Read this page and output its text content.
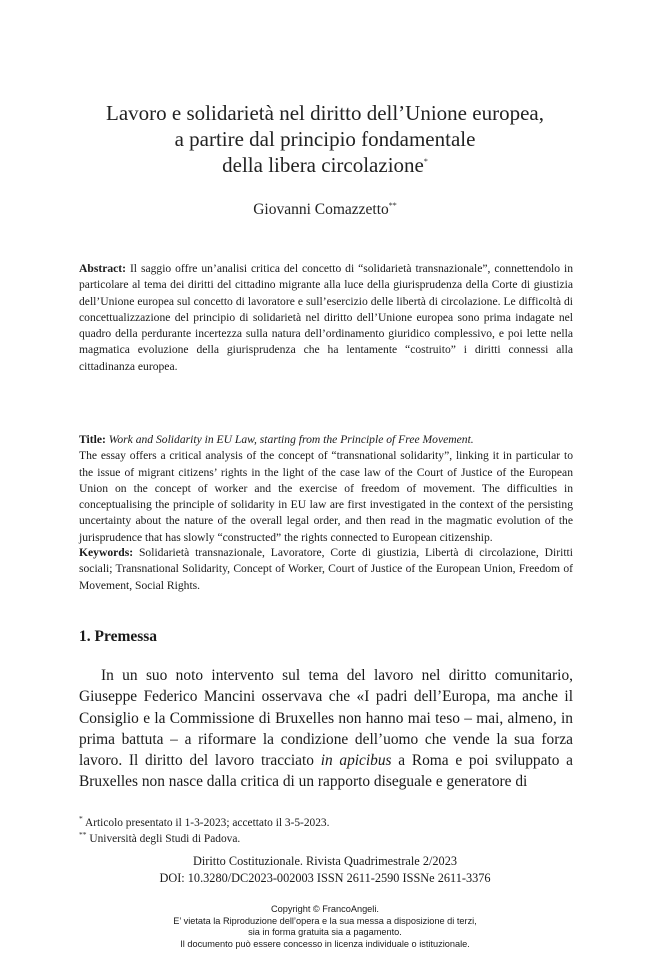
Lavoro e solidarietà nel diritto dell’Unione europea,
a partire dal principio fondamentale
della libera circolazione*
Giovanni Comazzetto**
Abstract: Il saggio offre un’analisi critica del concetto di “solidarietà transnazionale”, connettendolo in particolare al tema dei diritti del cittadino migrante alla luce della giurisprudenza della Corte di giustizia dell’Unione europea sul concetto di lavoratore e sull’esercizio delle libertà di circolazione. Le difficoltà di concettualizzazione del principio di solidarietà nel diritto dell’Unione europea sono prima indagate nel quadro della perdurante incertezza sulla natura dell’ordinamento giuridico complessivo, e poi lette nella magmatica evoluzione della giurisprudenza che ha lentamente “costruito” i diritti connessi alla cittadinanza europea.
Title: Work and Solidarity in EU Law, starting from the Principle of Free Movement.
The essay offers a critical analysis of the concept of “transnational solidarity”, linking it in particular to the issue of migrant citizens’ rights in the light of the case law of the Court of Justice of the European Union on the concept of worker and the exercise of freedom of movement. The difficulties in conceptualising the principle of solidarity in EU law are first investigated in the context of the persisting uncertainty about the nature of the overall legal order, and then read in the magmatic evolution of the jurisprudence that has slowly “constructed” the rights connected to European citizenship.
Keywords: Solidarietà transnazionale, Lavoratore, Corte di giustizia, Libertà di circolazione, Diritti sociali; Transnational Solidarity, Concept of Worker, Court of Justice of the European Union, Freedom of Movement, Social Rights.
1. Premessa

In un suo noto intervento sul tema del lavoro nel diritto comunitario, Giuseppe Federico Mancini osservava che «I padri dell’Europa, ma anche il Consiglio e la Commissione di Bruxelles non hanno mai teso – mai, almeno, in prima battuta – a riformare la condizione dell’uomo che vende la sua forza lavoro. Il diritto del lavoro tracciato in apicibus a Roma e poi sviluppato a Bruxelles non nasce dalla critica di un rapporto diseguale e generatore di

* Articolo presentato il 1-3-2023; accettato il 3-5-2023.
** Università degli Studi di Padova.
Diritto Costituzionale. Rivista Quadrimestrale 2/2023
DOI: 10.3280/DC2023-002003 ISSN 2611-2590 ISSNe 2611-3376
Copyright © FrancoAngeli.
E’ vietata la Riproduzione dell’opera e la sua messa a disposizione di terzi,
sia in forma gratuita sia a pagamento.
Il documento può essere concesso in licenza individuale o istituzionale.
